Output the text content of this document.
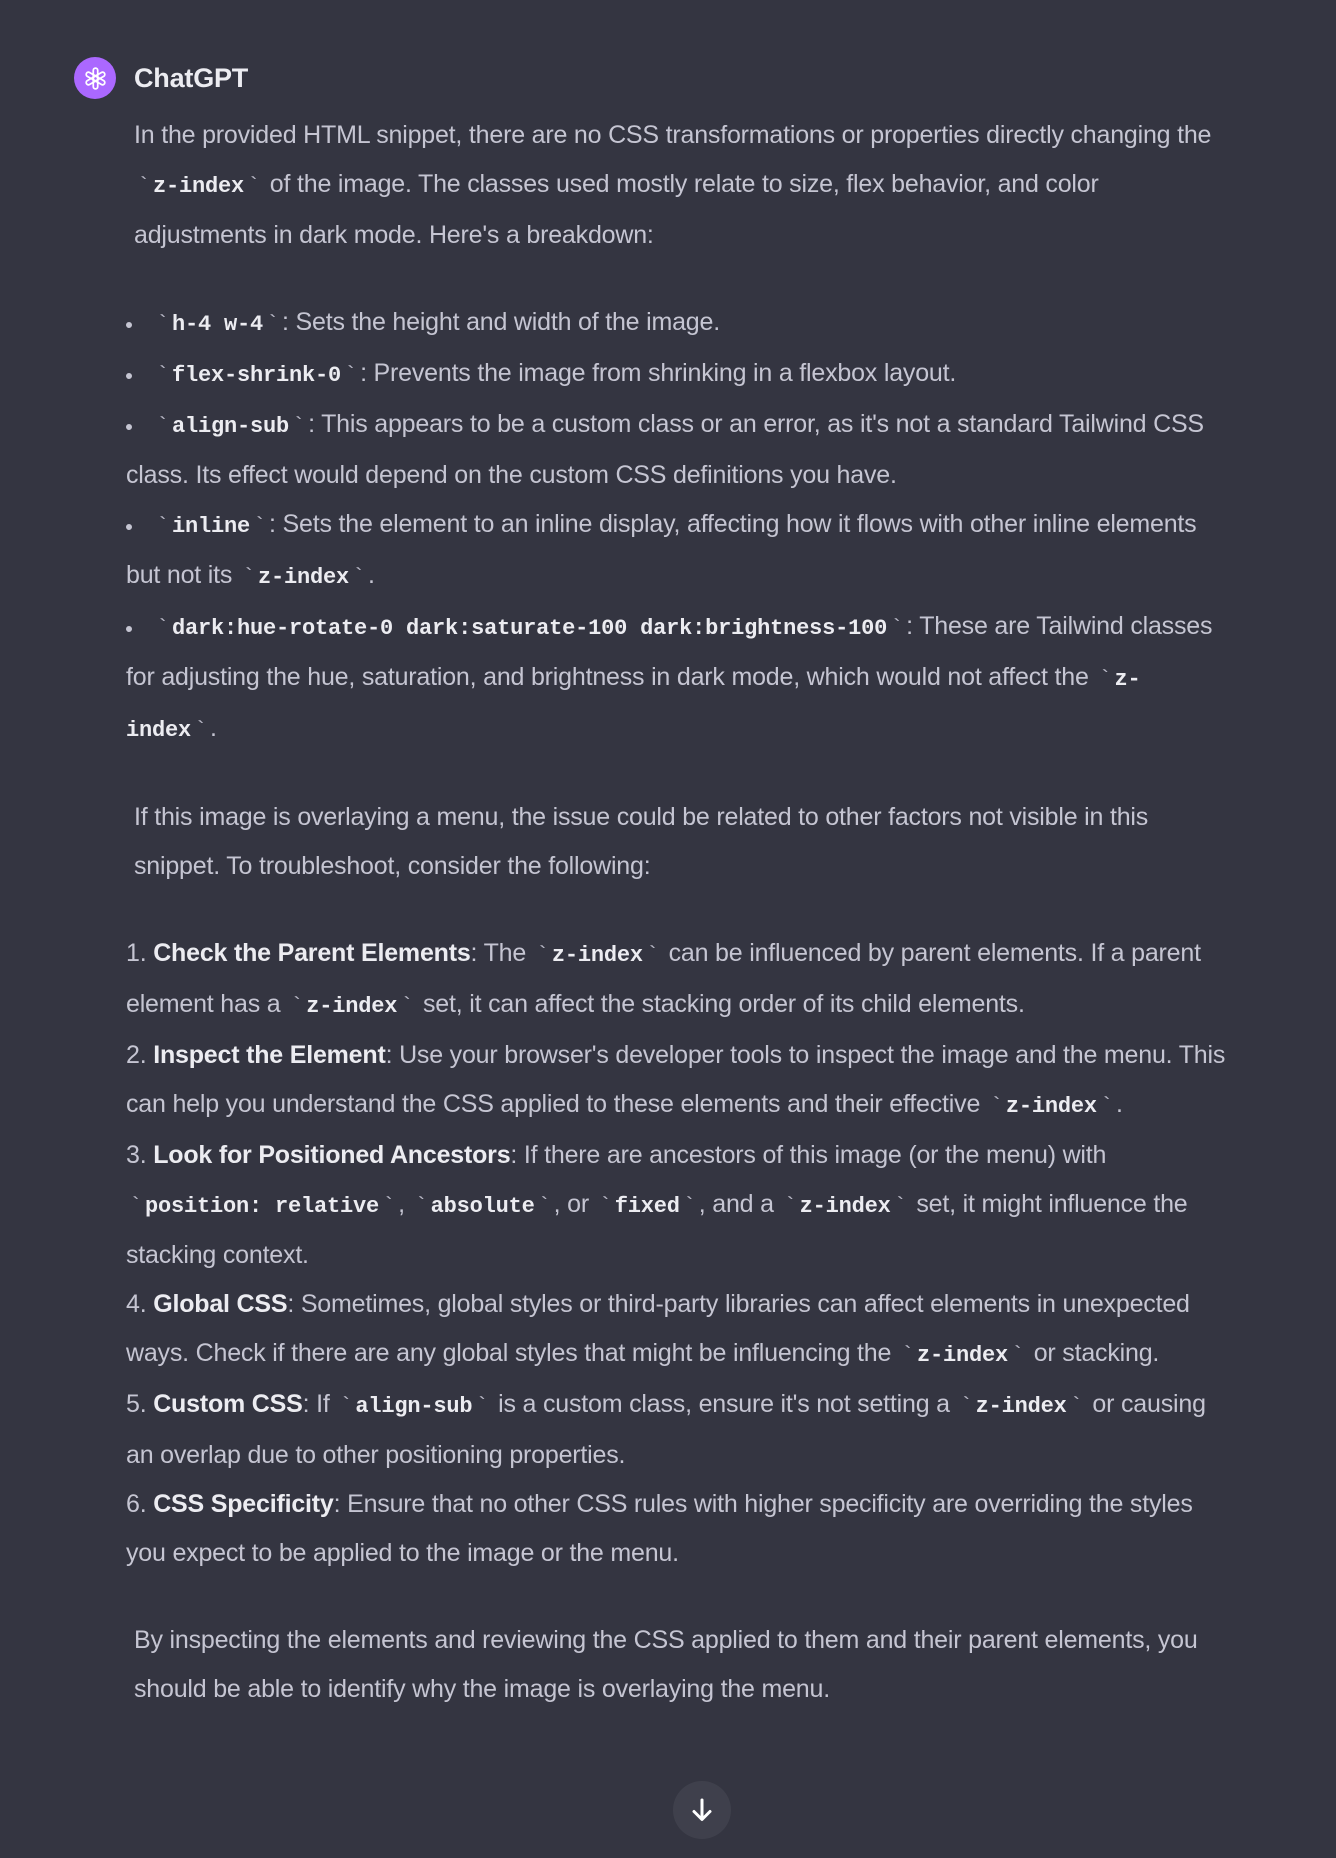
ChatGPT

In the provided HTML snippet, there are no CSS transformations or properties directly changing the ` z-index ` of the image. The classes used mostly relate to size, flex behavior, and color adjustments in dark mode. Here's a breakdown:

• ` h-4 w-4 ` : Sets the height and width of the image.
• ` flex-shrink-0 ` : Prevents the image from shrinking in a flexbox layout.
• ` align-sub ` : This appears to be a custom class or an error, as it's not a standard Tailwind CSS class. Its effect would depend on the custom CSS definitions you have.
• ` inline ` : Sets the element to an inline display, affecting how it flows with other inline elements but not its ` z-index ` .
• ` dark:hue-rotate-0 dark:saturate-100 dark:brightness-100 ` : These are Tailwind classes for adjusting the hue, saturation, and brightness in dark mode, which would not affect the ` z-index ` .

If this image is overlaying a menu, the issue could be related to other factors not visible in this snippet. To troubleshoot, consider the following:

1. Check the Parent Elements: The ` z-index ` can be influenced by parent elements. If a parent element has a ` z-index ` set, it can affect the stacking order of its child elements.
2. Inspect the Element: Use your browser's developer tools to inspect the image and the menu. This can help you understand the CSS applied to these elements and their effective ` z-index ` .
3. Look for Positioned Ancestors: If there are ancestors of this image (or the menu) with ` position: relative ` , ` absolute ` , or ` fixed ` , and a ` z-index ` set, it might influence the stacking context.
4. Global CSS: Sometimes, global styles or third-party libraries can affect elements in unexpected ways. Check if there are any global styles that might be influencing the ` z-index ` or stacking.
5. Custom CSS: If ` align-sub ` is a custom class, ensure it's not setting a ` z-index ` or causing an overlap due to other positioning properties.
6. CSS Specificity: Ensure that no other CSS rules with higher specificity are overriding the styles you expect to be applied to the image or the menu.

By inspecting the elements and reviewing the CSS applied to them and their parent elements, you should be able to identify why the image is overlaying the menu.
